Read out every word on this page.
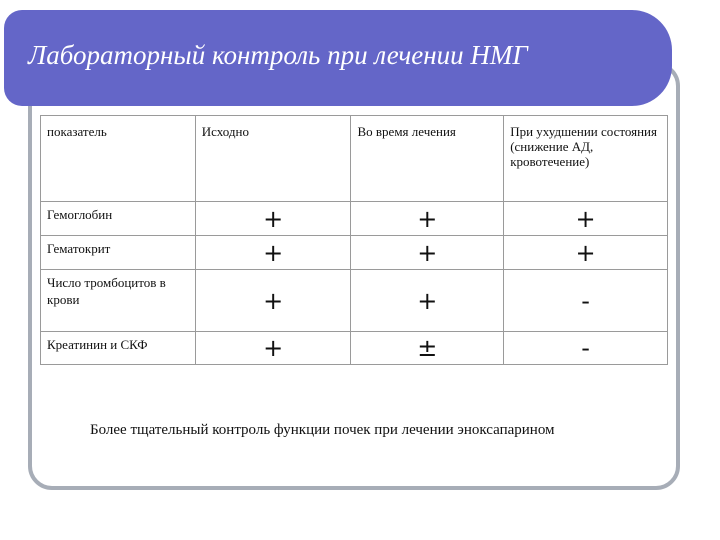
Лабораторный контроль при лечении НМГ
показатель	Исходно	Во время лечения	При ухудшении состояния (снижение АД, кровотечение)
Гемоглобин	+	+	+
Гематокрит	+	+	+
Число тромбоцитов в крови	+	+	-
Креатинин и СКФ	+	±	-
Более тщательный контроль функции почек при лечении эноксапарином
